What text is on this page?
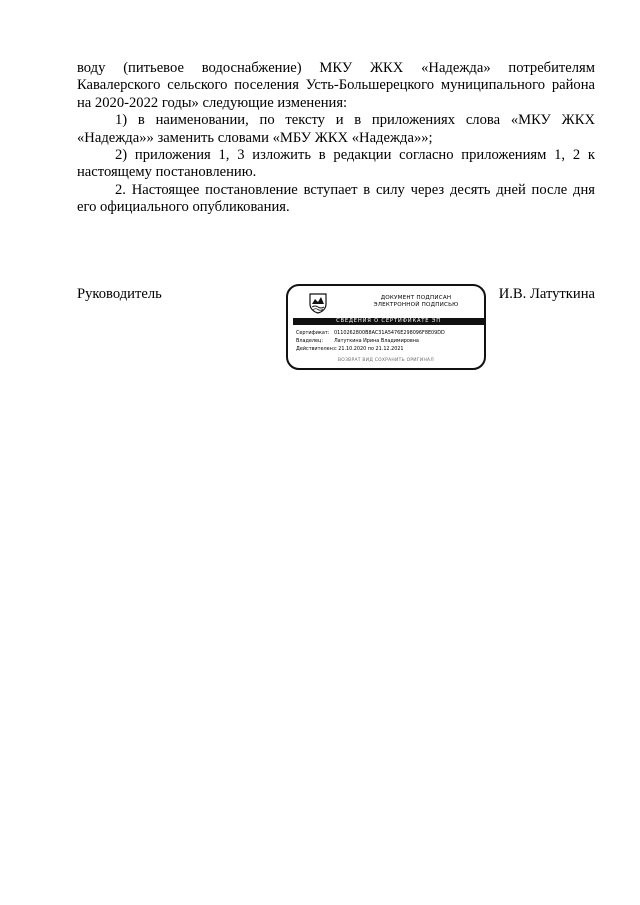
воду (питьевое водоснабжение) МКУ ЖКХ «Надежда» потребителям Кавалерского сельского поселения Усть-Большерецкого муниципального района на 2020-2022 годы» следующие изменения:

1) в наименовании, по тексту и в приложениях слова «МКУ ЖКХ «Надежда»» заменить словами «МБУ ЖКХ «Надежда»»;

2) приложения 1, 3 изложить в редакции согласно приложениям 1, 2 к настоящему постановлению.

2. Настоящее постановление вступает в силу через десять дней после дня его официального опубликования.

Руководитель	И.В. Латуткина
ДОКУМЕНТ ПОДПИСАН
ЭЛЕКТРОННОЙ ПОДПИСЬЮ
СВЕДЕНИЯ О СЕРТИФИКАТЕ ЭП
Сертификат: 0110262800B8AC31A5476E298096F8E09DD
Владелец:	Латуткина Ирина Владимировна
Действителен: с 21.10.2020 по 21.12.2021
ВОЗВРАТ ВИД СОХРАНИТЬ ОРИГИНАЛ
